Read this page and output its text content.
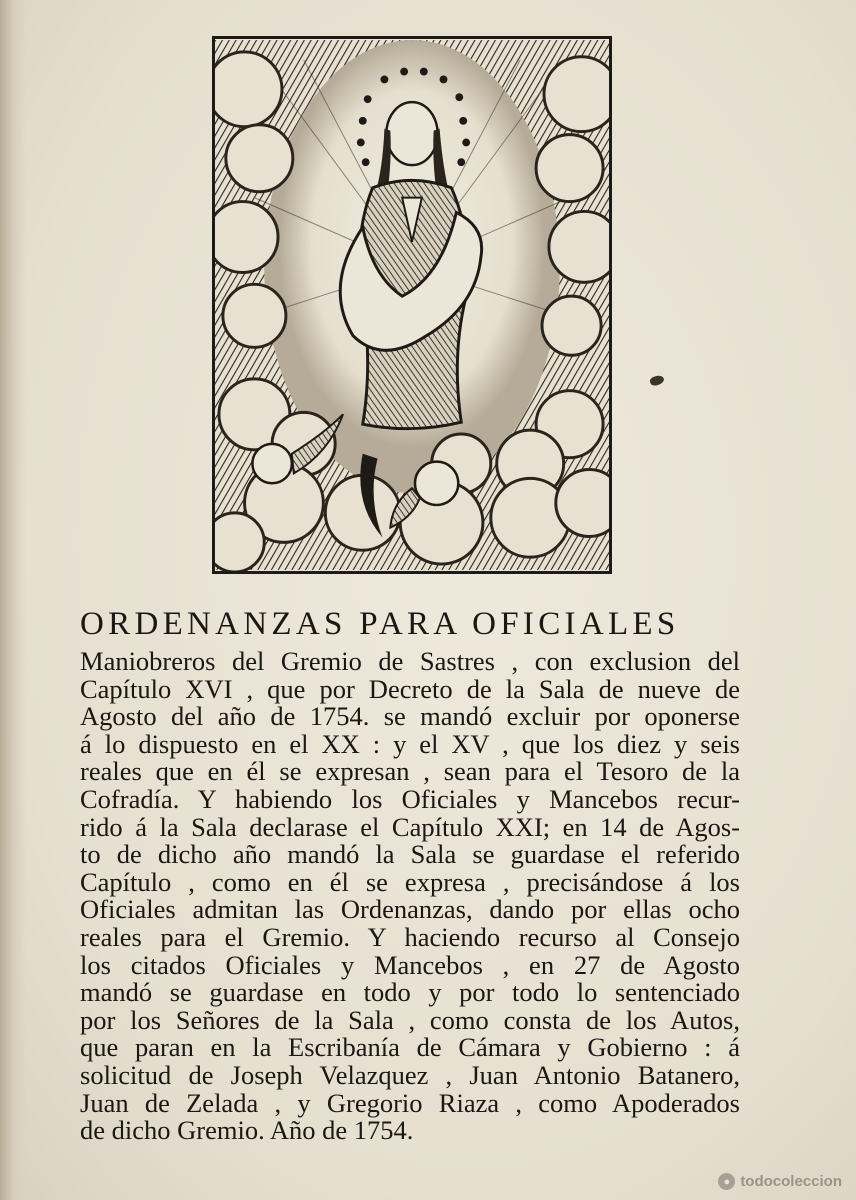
ORDENANZAS PARA OFICIALES
Maniobreros del Gremio de Sastres , con exclusion del
Capítulo XVI , que por Decreto de la Sala de nueve de
Agosto del año de 1754. se mandó excluir por oponerse
á lo dispuesto en el XX : y el XV , que los diez y seis
reales que en él se expresan , sean para el Tesoro de la
Cofradía. Y habiendo los Oficiales y Mancebos recur-
rido á la Sala declarase el Capítulo XXI; en 14 de Agos-
to de dicho año mandó la Sala se guardase el referido
Capítulo , como en él se expresa , precisándose á los
Oficiales admitan las Ordenanzas, dando por ellas ocho
reales para el Gremio. Y haciendo recurso al Consejo
los citados Oficiales y Mancebos , en 27 de Agosto
mandó se guardase en todo y por todo lo sentenciado
por los Señores de la Sala , como consta de los Autos,
que paran en la Escribanía de Cámara y Gobierno : á
solicitud de Joseph Velazquez , Juan Antonio Batanero,
Juan de Zelada , y Gregorio Riaza , como Apoderados
de dicho Gremio. Año de 1754.
● todocoleccion
